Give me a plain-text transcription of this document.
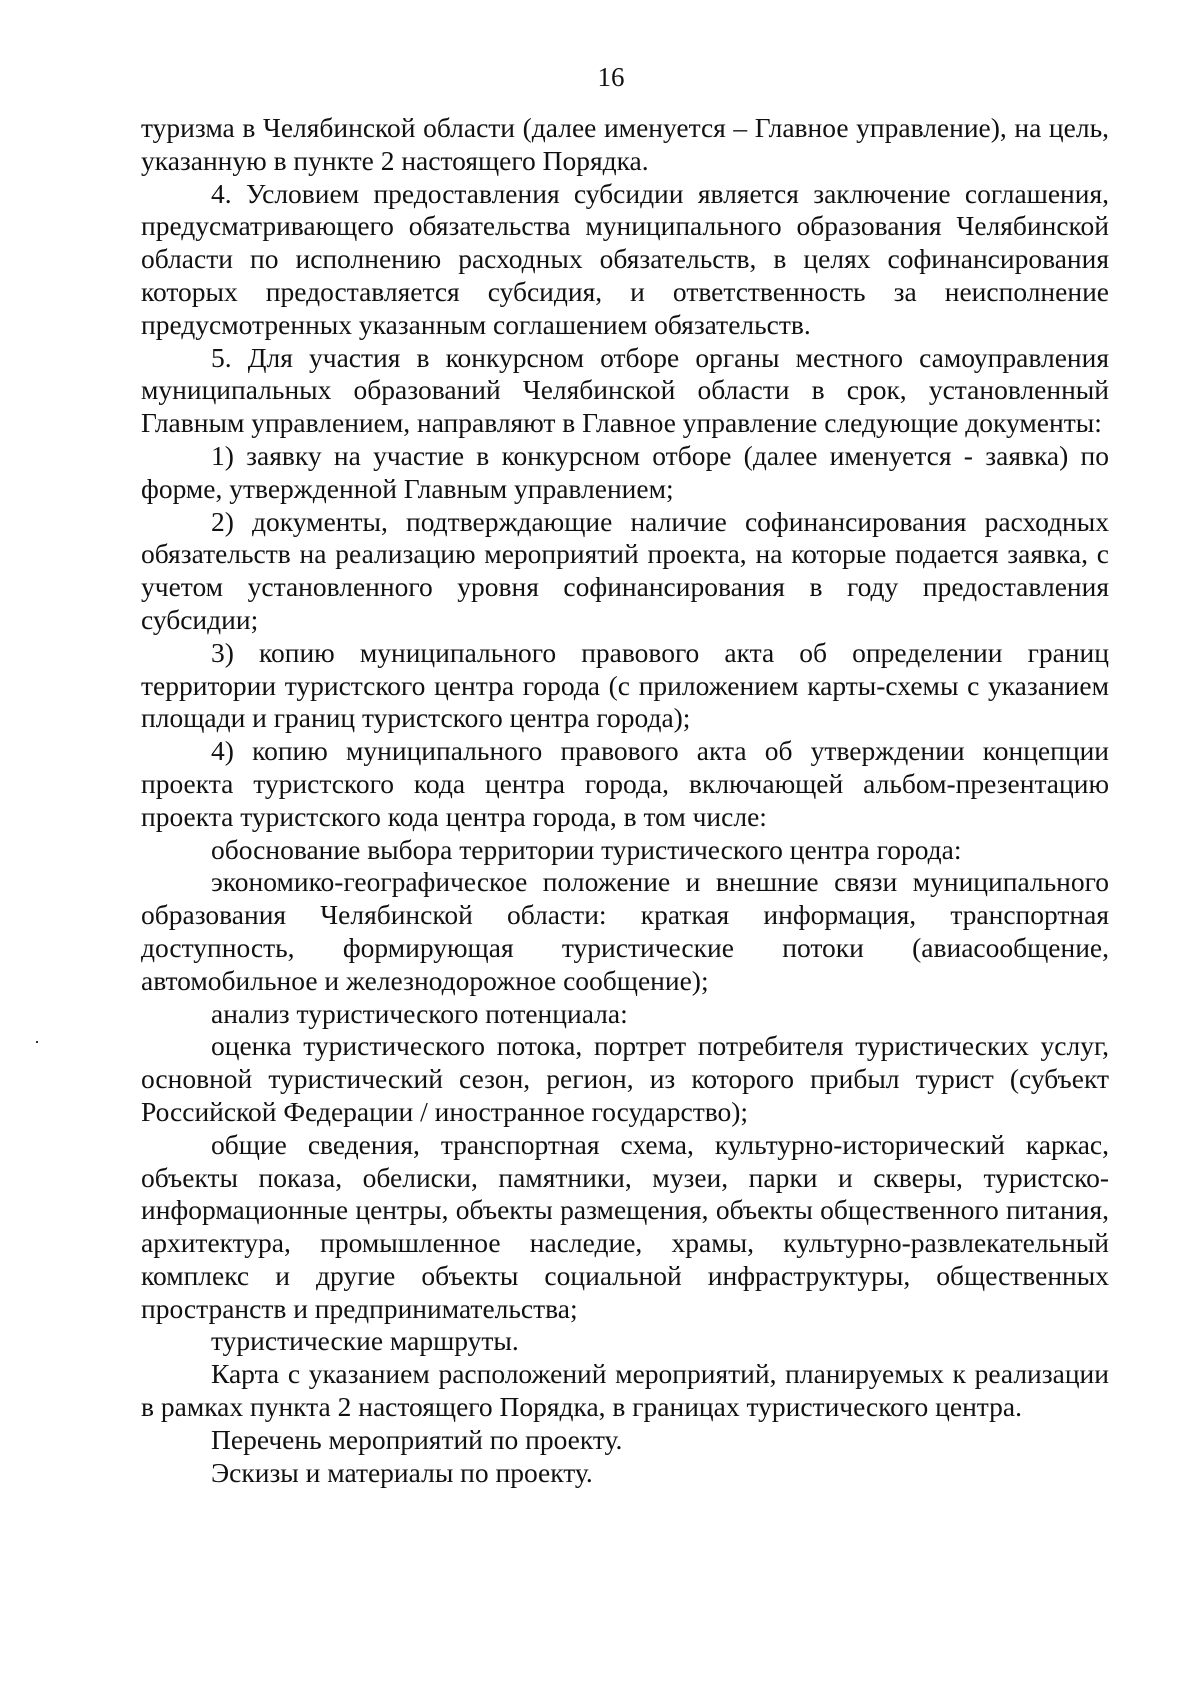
16

туризма в Челябинской области (далее именуется – Главное управление), на цель, указанную в пункте 2 настоящего Порядка.

4. Условием предоставления субсидии является заключение соглашения, предусматривающего обязательства муниципального образования Челябинской области по исполнению расходных обязательств, в целях софинансирования которых предоставляется субсидия, и ответственность за неисполнение предусмотренных указанным соглашением обязательств.

5. Для участия в конкурсном отборе органы местного самоуправления муниципальных образований Челябинской области в срок, установленный Главным управлением, направляют в Главное управление следующие документы:

1) заявку на участие в конкурсном отборе (далее именуется - заявка) по форме, утвержденной Главным управлением;

2) документы, подтверждающие наличие софинансирования расходных обязательств на реализацию мероприятий проекта, на которые подается заявка, с учетом установленного уровня софинансирования в году предоставления субсидии;

3) копию муниципального правового акта об определении границ территории туристского центра города (с приложением карты-схемы с указанием площади и границ туристского центра города);

4) копию муниципального правового акта об утверждении концепции проекта туристского кода центра города, включающей альбом-презентацию проекта туристского кода центра города, в том числе:

обоснование выбора территории туристического центра города:

экономико-географическое положение и внешние связи муниципального образования Челябинской области: краткая информация, транспортная доступность, формирующая туристические потоки (авиасообщение, автомобильное и железнодорожное сообщение);

анализ туристического потенциала:

оценка туристического потока, портрет потребителя туристических услуг, основной туристический сезон, регион, из которого прибыл турист (субъект Российской Федерации / иностранное государство);

общие сведения, транспортная схема, культурно-исторический каркас, объекты показа, обелиски, памятники, музеи, парки и скверы, туристско-информационные центры, объекты размещения, объекты общественного питания, архитектура, промышленное наследие, храмы, культурно-развлекательный комплекс и другие объекты социальной инфраструктуры, общественных пространств и предпринимательства;

туристические маршруты.

Карта с указанием расположений мероприятий, планируемых к реализации в рамках пункта 2 настоящего Порядка, в границах туристического центра.

Перечень мероприятий по проекту.

Эскизы и материалы по проекту.
